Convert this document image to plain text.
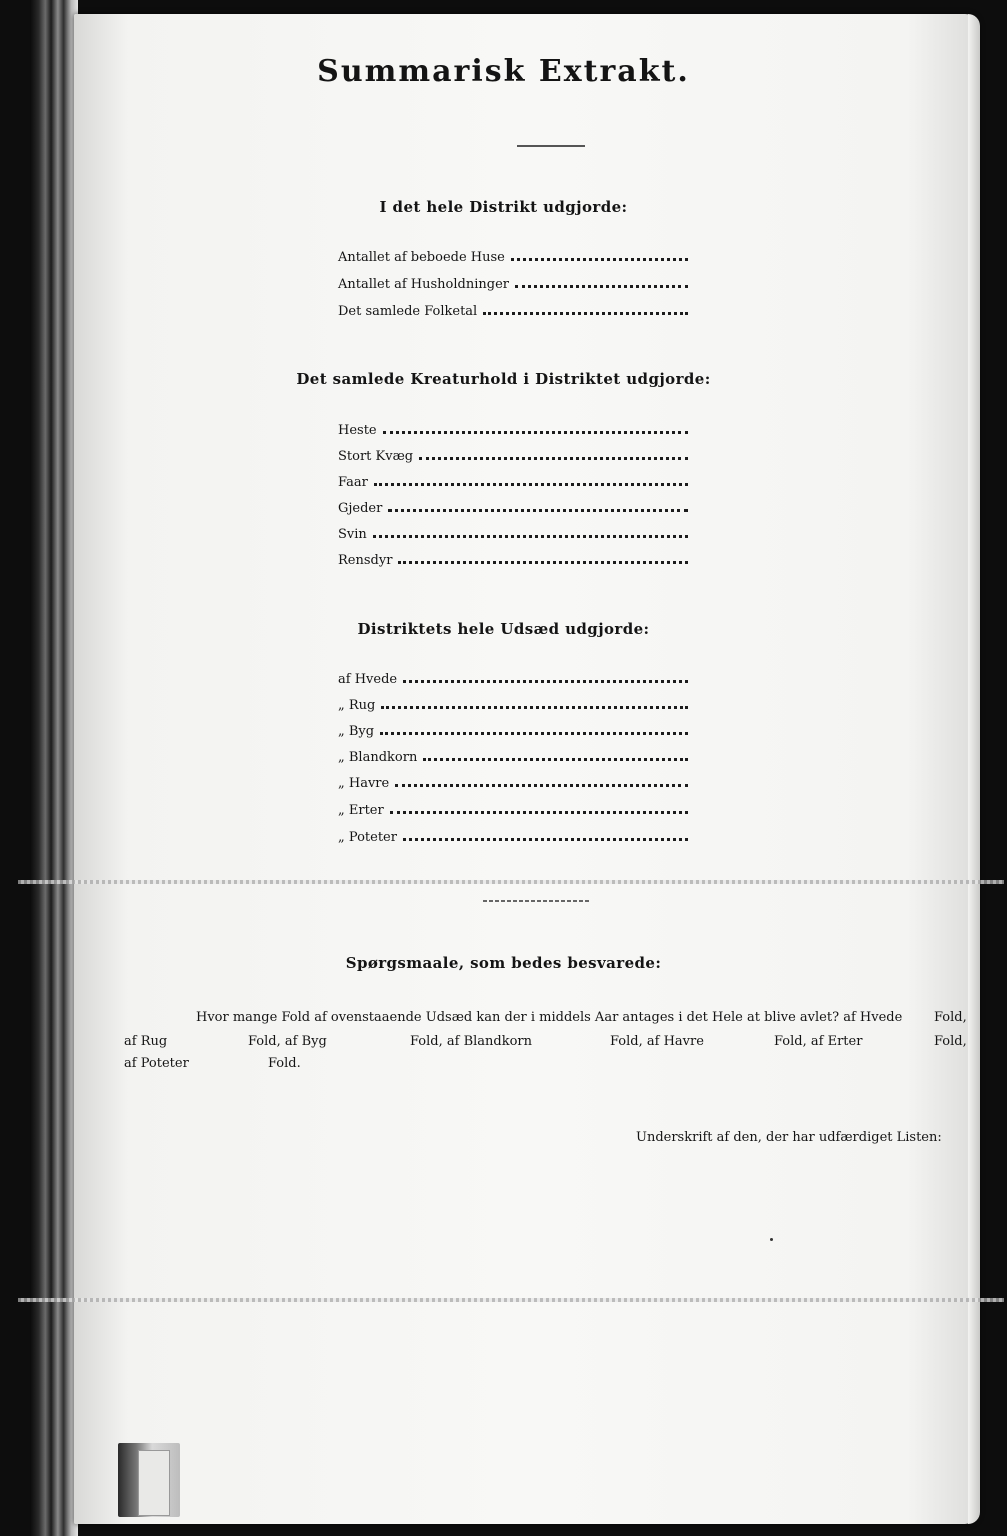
Summarisk Extrakt.
I det hele Distrikt udgjorde:
Antallet af beboede Huse
Antallet af Husholdninger
Det samlede Folketal
Det samlede Kreaturhold i Distriktet udgjorde:
Heste
Stort Kvæg
Faar
Gjeder
Svin
Rensdyr
Distriktets hele Udsæd udgjorde:
af Hvede
„ Rug
„ Byg
„ Blandkorn
„ Havre
„ Erter
„ Poteter
Spørgsmaale, som bedes besvarede:
Hvor mange Fold af ovenstaaende Udsæd kan der i middels Aar antages i det Hele at blive avlet? af Hvede Fold,
af Rug	Fold, af Byg	Fold, af Blandkorn	Fold, af Havre	Fold, af Erter	Fold,
af Poteter	Fold.
Underskrift af den, der har udfærdiget Listen:
